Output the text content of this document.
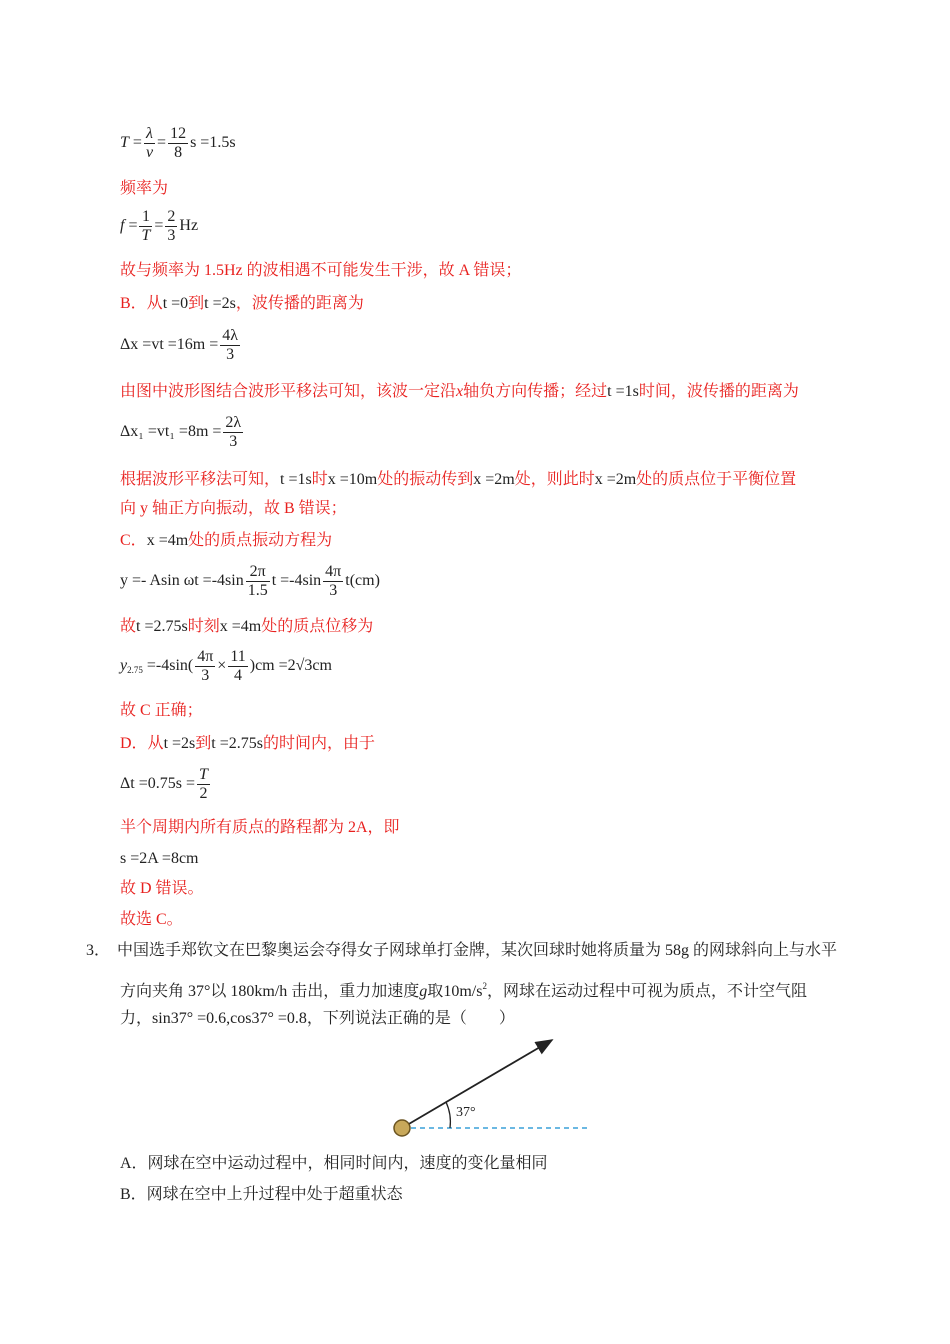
$T = \frac{\lambda}{v} = \frac{12}{8}$ s =1.5s
频率为
$f = \frac{1}{T} = \frac{2}{3}$ Hz
故与频率为 1.5Hz 的波相遇不可能发生干涉，故 A 错误；
B．从t =0到t =2s，波传播的距离为
$\Delta x =vt =16m = \frac{4\lambda}{3}$
由图中波形图结合波形平移法可知，该波一定沿x轴负方向传播；经过t =1s时间，波传播的距离为
$\Delta x_1 =vt_1 =8m = \frac{2\lambda}{3}$
根据波形平移法可知，t =1s时x =10m处的振动传到x =2m处，则此时x =2m处的质点位于平衡位置
向 y 轴正方向振动，故 B 错误；
C．x =4m处的质点振动方程为
y =- Asin $\omega t =-4\sin \frac{2\pi}{1.5}$ $t =-4\sin \frac{4\pi}{3} t(cm)$
故t =2.75s时刻x =4m处的质点位移为
$y_{2.75} =-4\sin( \frac{4\pi}{3} \times \frac{11}{4} )cm =2√3cm$
故 C 正确；
D．从t =2s到t =2.75s的时间内，由于
$\Delta t =0.75s = \frac{T}{2}$
半个周期内所有质点的路程都为 2A，即
s =2A =8cm
故 D 错误。
故选 C。
3． 中国选手郑钦文在巴黎奥运会夺得女子网球单打金牌，某次回球时她将质量为 58g 的网球斜向上与水平
方向夹角 37°以 180km/h 击出，重力加速度g取$10m/s^2$，网球在运动过程中可视为质点，不计空气阻
力，sin37° =0.6,cos37° =0.8，下列说法正确的是（　　）
37°
A．网球在空中运动过程中，相同时间内，速度的变化量相同
B．网球在空中上升过程中处于超重状态
